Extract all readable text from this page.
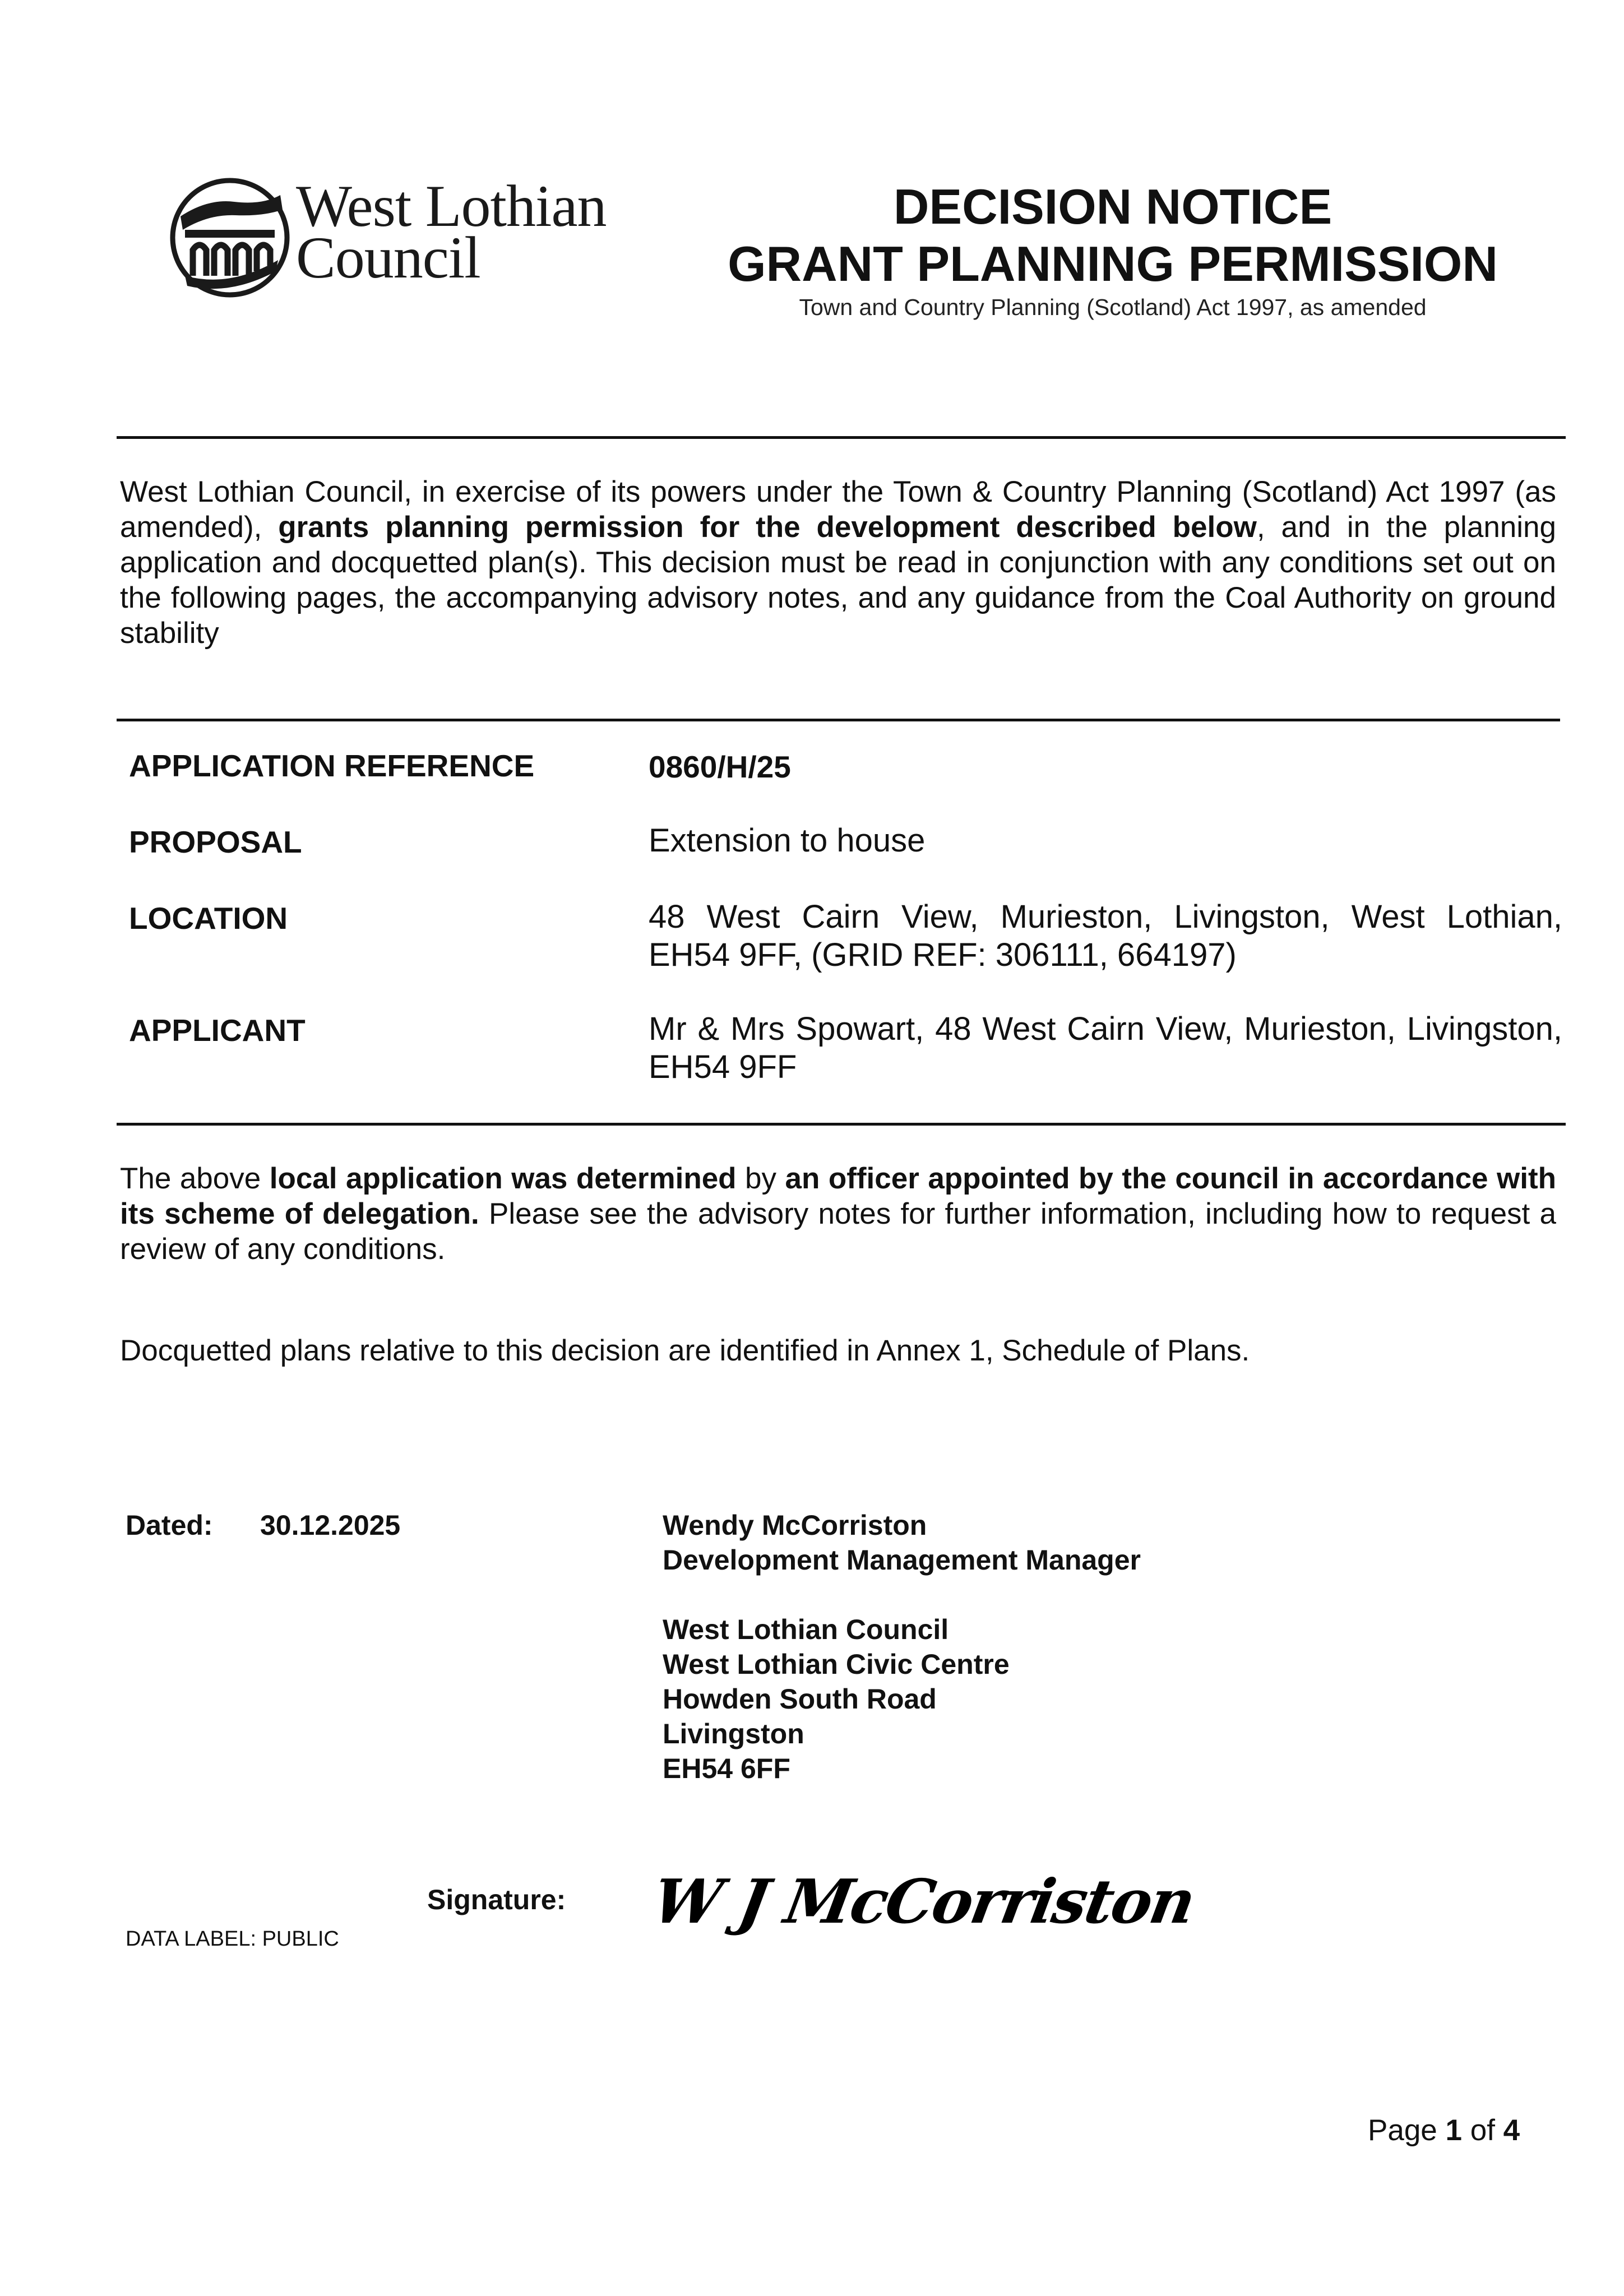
West Lothian
Council
DECISION NOTICE
GRANT PLANNING PERMISSION
Town and Country Planning (Scotland) Act 1997, as amended
West Lothian Council, in exercise of its powers under the Town & Country Planning (Scotland) Act 1997 (as amended), grants planning permission for the development described below, and in the planning application and docquetted plan(s). This decision must be read in conjunction with any conditions set out on the following pages, the accompanying advisory notes, and any guidance from the Coal Authority on ground stability
APPLICATION REFERENCE	0860/H/25
PROPOSAL	Extension to house
LOCATION	48 West Cairn View, Murieston, Livingston, West Lothian, EH54 9FF, (GRID REF: 306111, 664197)
APPLICANT	Mr & Mrs Spowart, 48 West Cairn View, Murieston, Livingston, EH54 9FF
The above local application was determined by an officer appointed by the council in accordance with its scheme of delegation. Please see the advisory notes for further information, including how to request a review of any conditions.
Docquetted plans relative to this decision are identified in Annex 1, Schedule of Plans.
Dated: 30.12.2025	Wendy McCorriston
Development Management Manager
West Lothian Council
West Lothian Civic Centre
Howden South Road
Livingston
EH54 6FF
Signature: W J McCorriston
DATA LABEL: PUBLIC
Page 1 of 4
